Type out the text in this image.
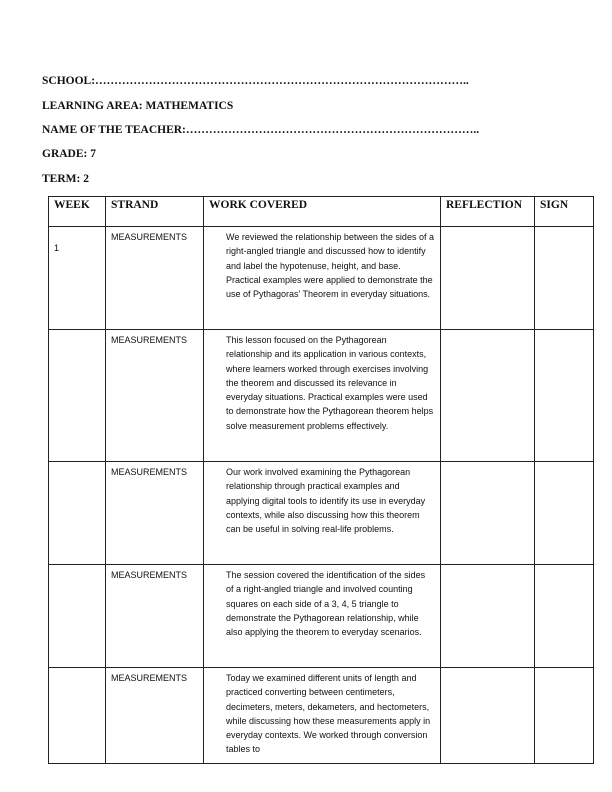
SCHOOL:……………………………………………………………………………………..
LEARNING AREA: MATHEMATICS
NAME OF THE TEACHER:…………………………………………………………………..
GRADE: 7
TERM: 2
WEEK	STRAND	WORK COVERED	REFLECTION	SIGN
1	MEASUREMENTS	We reviewed the relationship between the sides of a right-angled triangle and discussed how to identify and label the hypotenuse, height, and base. Practical examples were applied to demonstrate the use of Pythagoras’ Theorem in everyday situations.		
	MEASUREMENTS	This lesson focused on the Pythagorean relationship and its application in various contexts, where learners worked through exercises involving the theorem and discussed its relevance in everyday situations. Practical examples were used to demonstrate how the Pythagorean theorem helps solve measurement problems effectively.		
	MEASUREMENTS	Our work involved examining the Pythagorean relationship through practical examples and applying digital tools to identify its use in everyday contexts, while also discussing how this theorem can be useful in solving real-life problems.		
	MEASUREMENTS	The session covered the identification of the sides of a right-angled triangle and involved counting squares on each side of a 3, 4, 5 triangle to demonstrate the Pythagorean relationship, while also applying the theorem to everyday scenarios.		
	MEASUREMENTS	Today we examined different units of length and practiced converting between centimeters, decimeters, meters, dekameters, and hectometers, while discussing how these measurements apply in everyday contexts. We worked through conversion tables to		
